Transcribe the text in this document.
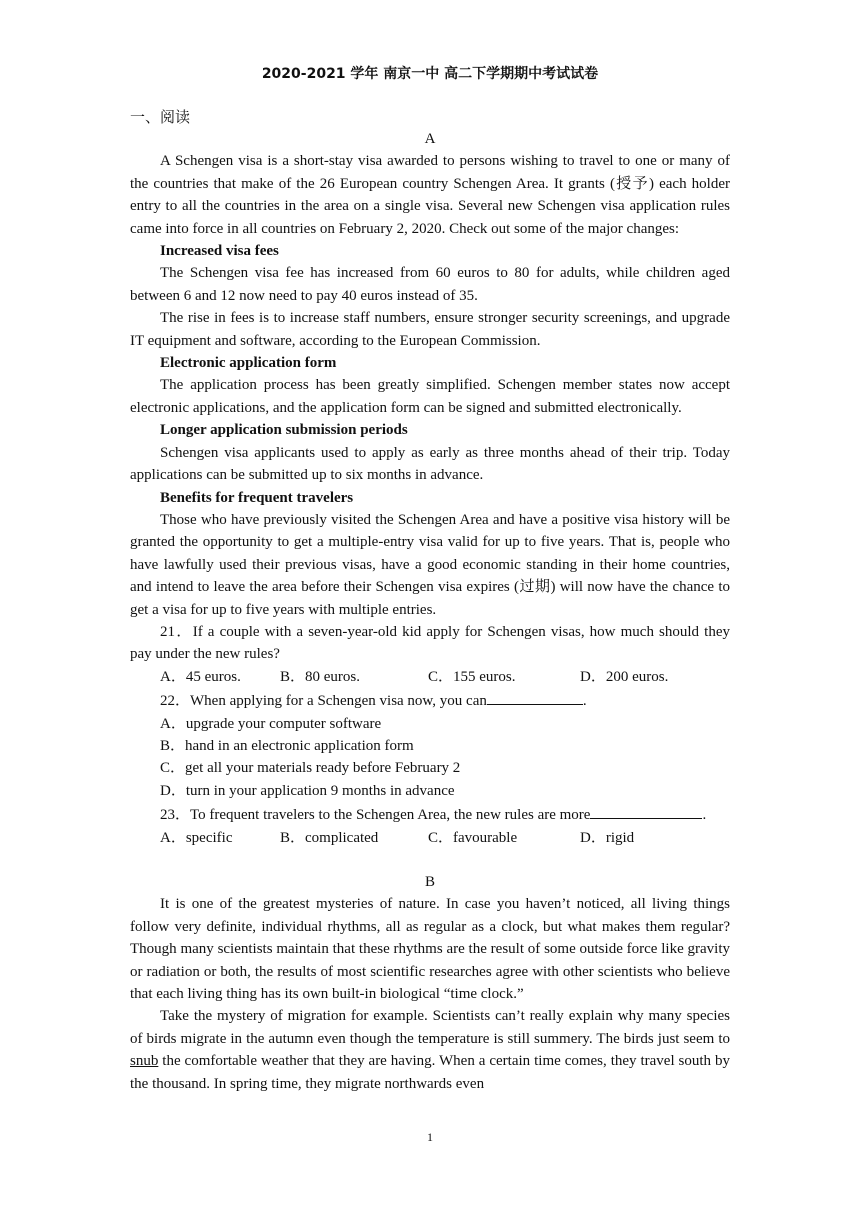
2020-2021 学年 南京一中 高二下学期期中考试试卷
一、阅读

A

A Schengen visa is a short-stay visa awarded to persons wishing to travel to one or many of the countries that make of the 26 European country Schengen Area. It grants (授予) each holder entry to all the countries in the area on a single visa. Several new Schengen visa application rules came into force in all countries on February 2, 2020. Check out some of the major changes:

Increased visa fees

The Schengen visa fee has increased from 60 euros to 80 for adults, while children aged between 6 and 12 now need to pay 40 euros instead of 35.

The rise in fees is to increase staff numbers, ensure stronger security screenings, and upgrade IT equipment and software, according to the European Commission.

Electronic application form

The application process has been greatly simplified. Schengen member states now accept electronic applications, and the application form can be signed and submitted electronically.

Longer application submission periods

Schengen visa applicants used to apply as early as three months ahead of their trip. Today applications can be submitted up to six months in advance.

Benefits for frequent travelers

Those who have previously visited the Schengen Area and have a positive visa history will be granted the opportunity to get a multiple-entry visa valid for up to five years. That is, people who have lawfully used their previous visas, have a good economic standing in their home countries, and intend to leave the area before their Schengen visa expires (过期) will now have the chance to get a visa for up to five years with multiple entries.

21．If a couple with a seven-year-old kid apply for Schengen visas, how much should they pay under the new rules?

A．45 euros.	B．80 euros.	C．155 euros.	D．200 euros.

22．When applying for a Schengen visa now, you can	.

A．upgrade your computer software

B．hand in an electronic application form

C．get all your materials ready before February 2

D．turn in your application 9 months in advance

23．To frequent travelers to the Schengen Area, the new rules are more	.

A．specific	B．complicated	C．favourable	D．rigid

B

It is one of the greatest mysteries of nature. In case you haven’t noticed, all living things follow very definite, individual rhythms, all as regular as a clock, but what makes them regular? Though many scientists maintain that these rhythms are the result of some outside force like gravity or radiation or both, the results of most scientific researches agree with other scientists who believe that each living thing has its own built-in biological “time clock.”

Take the mystery of migration for example. Scientists can’t really explain why many species of birds migrate in the autumn even though the temperature is still summery. The birds just seem to snub the comfortable weather that they are having. When a certain time comes, they travel south by the thousand. In spring time, they migrate northwards even

1
